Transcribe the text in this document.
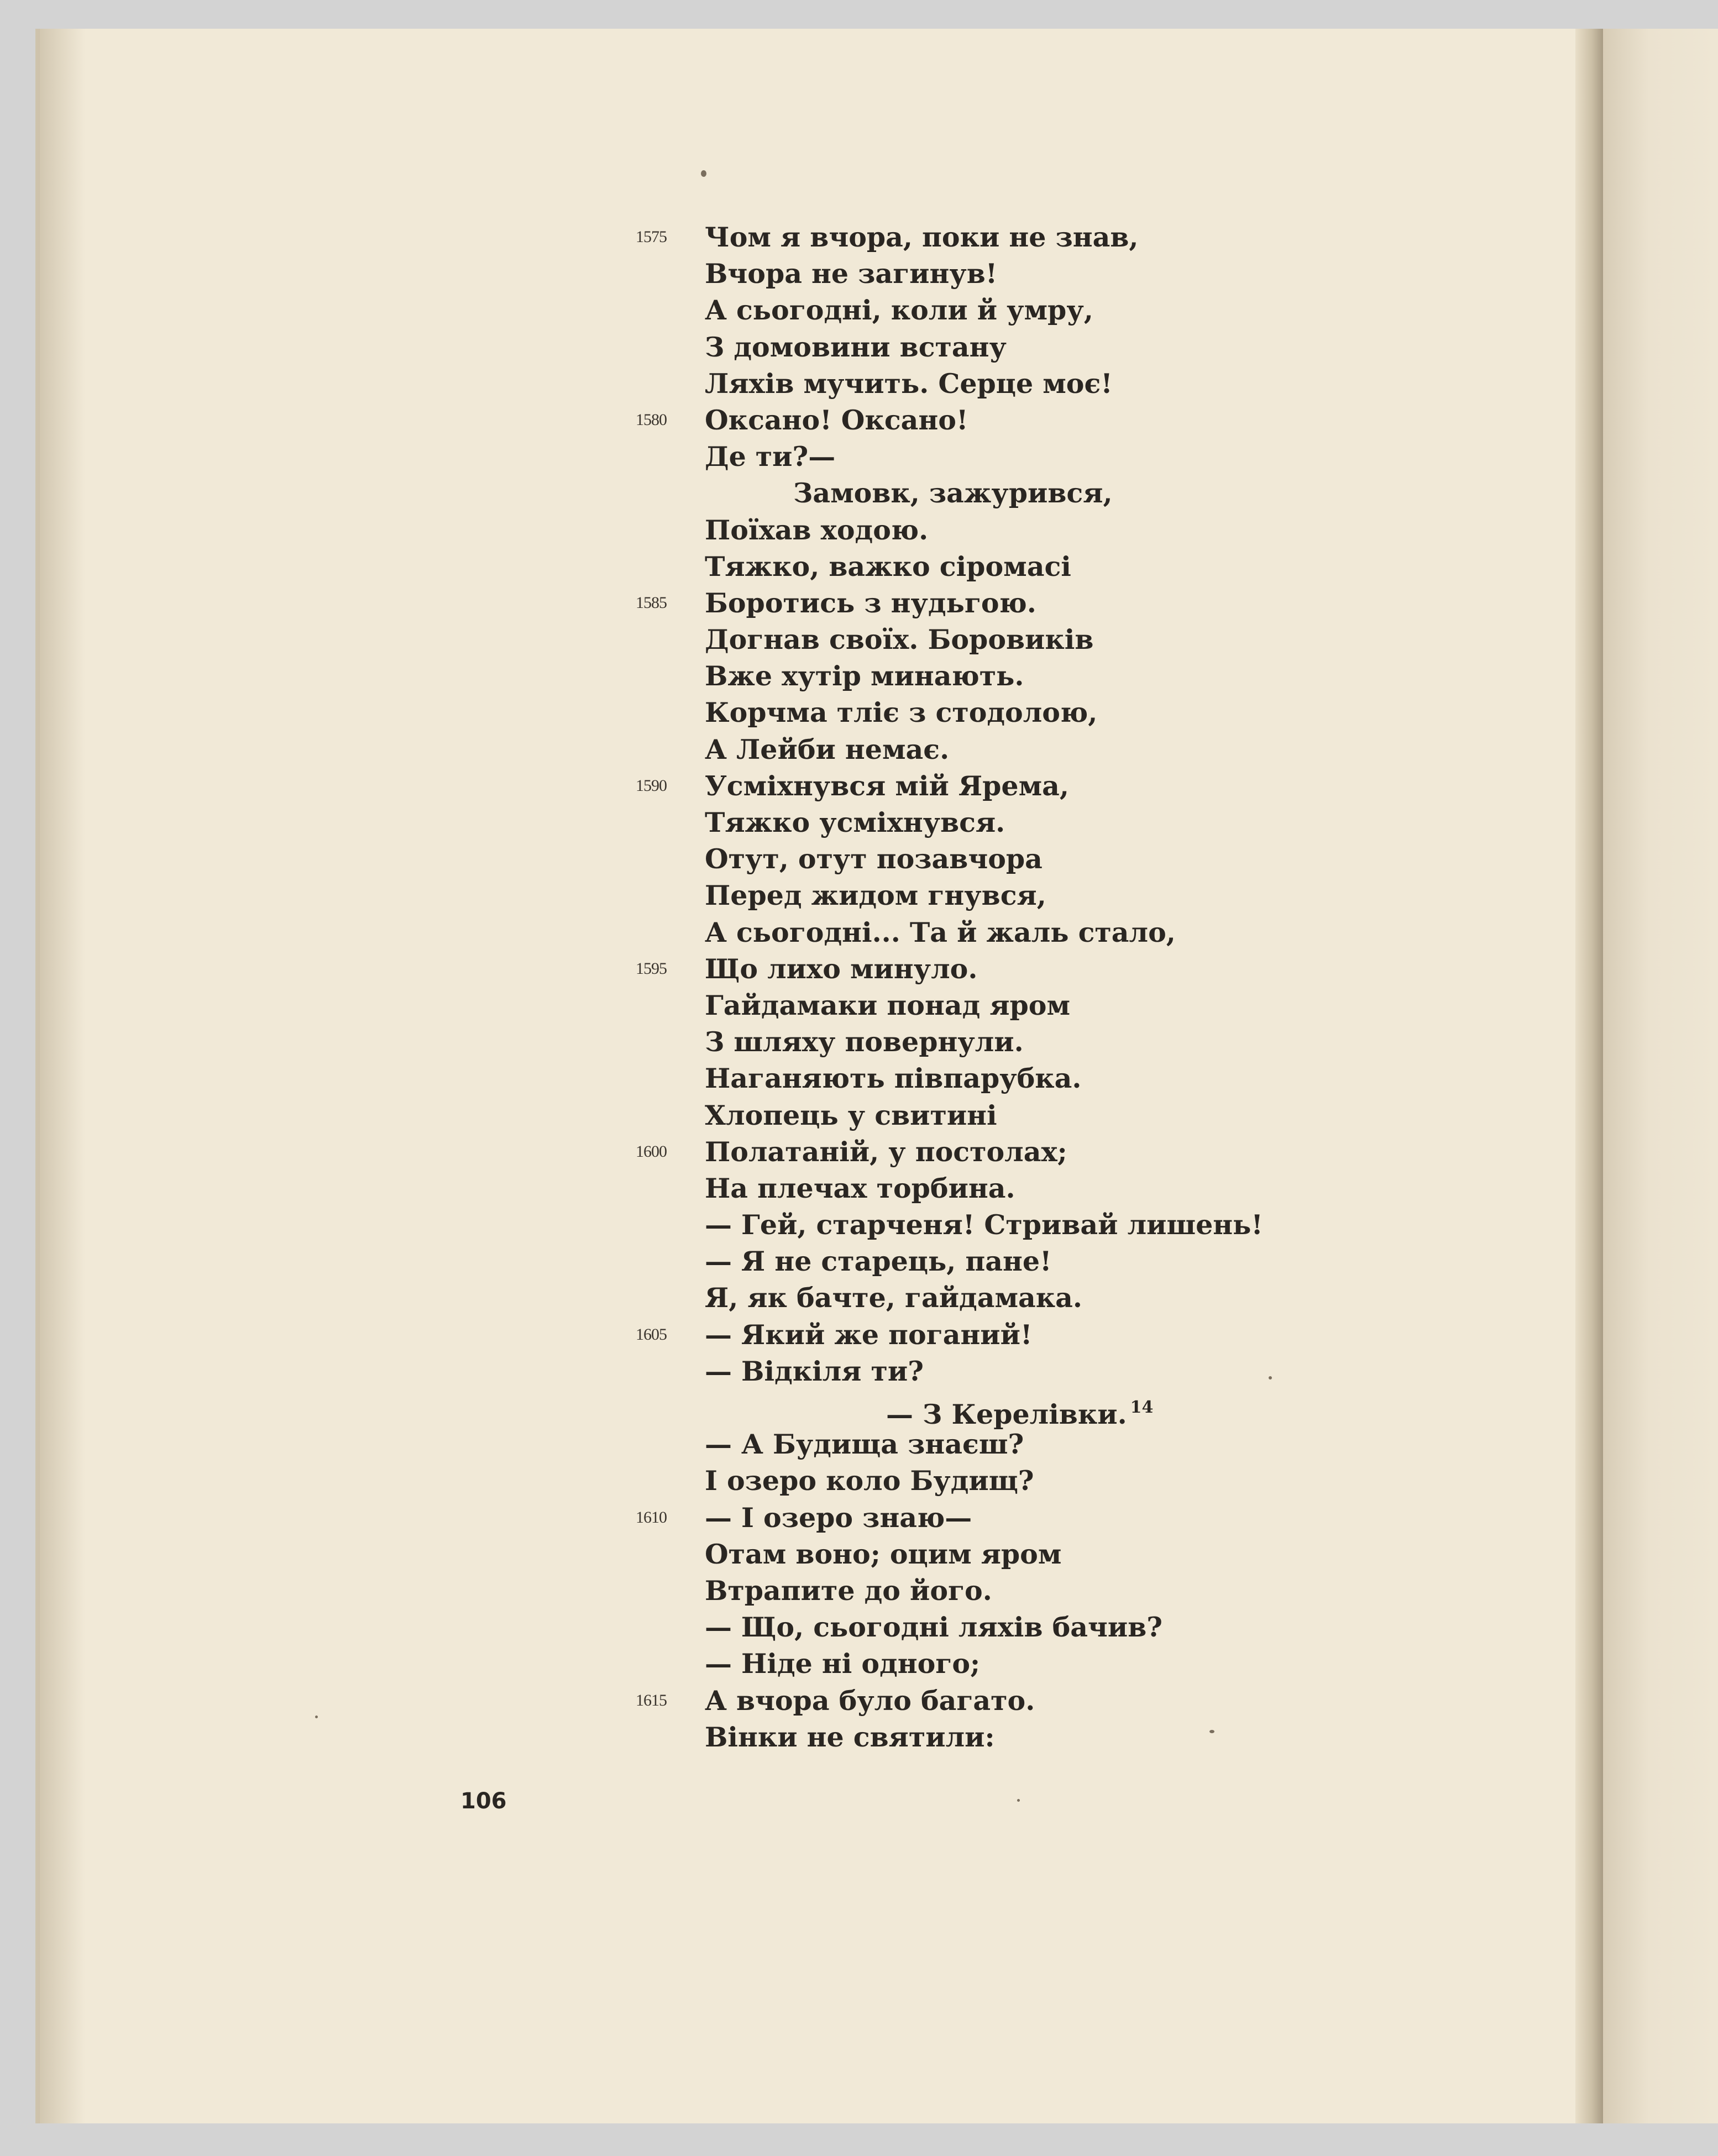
1575 Чом я вчора, поки не знав,
Вчора не загинув!
А сьогодні, коли й умру,
З домовини встану
Ляхів мучить. Серце моє!
1580 Оксано! Оксано!
Де ти?—
Замовк, зажурився,
Поїхав ходою.
Тяжко, важко сіромасі
1585 Боротись з нудьгою.
Догнав своїх. Боровиків
Вже хутір минають.
Корчма тліє з стодолою,
А Лейби немає.
1590 Усміхнувся мій Ярема,
Тяжко усміхнувся.
Отут, отут позавчора
Перед жидом гнувся,
А сьогодні... Та й жаль стало,
1595 Що лихо минуло.
Гайдамаки понад яром
З шляху повернули.
Наганяють півпарубка.
Хлопець у свитині
1600 Полатаній, у постолах;
На плечах торбина.
— Гей, старченя! Стривай лишень!
— Я не старець, пане!
Я, як бачте, гайдамака.
1605 — Який же поганий!
— Відкіля ти?
— З Керелівки. $^{14}$
— А Будища знаєш?
І озеро коло Будищ?
1610 — І озеро знаю—
Отам воно; оцим яром
Втрапите до його.
— Що, сьогодні ляхів бачив?
— Ніде ні одного;
1615 А вчора було багато.
Вінки не святили:
106
